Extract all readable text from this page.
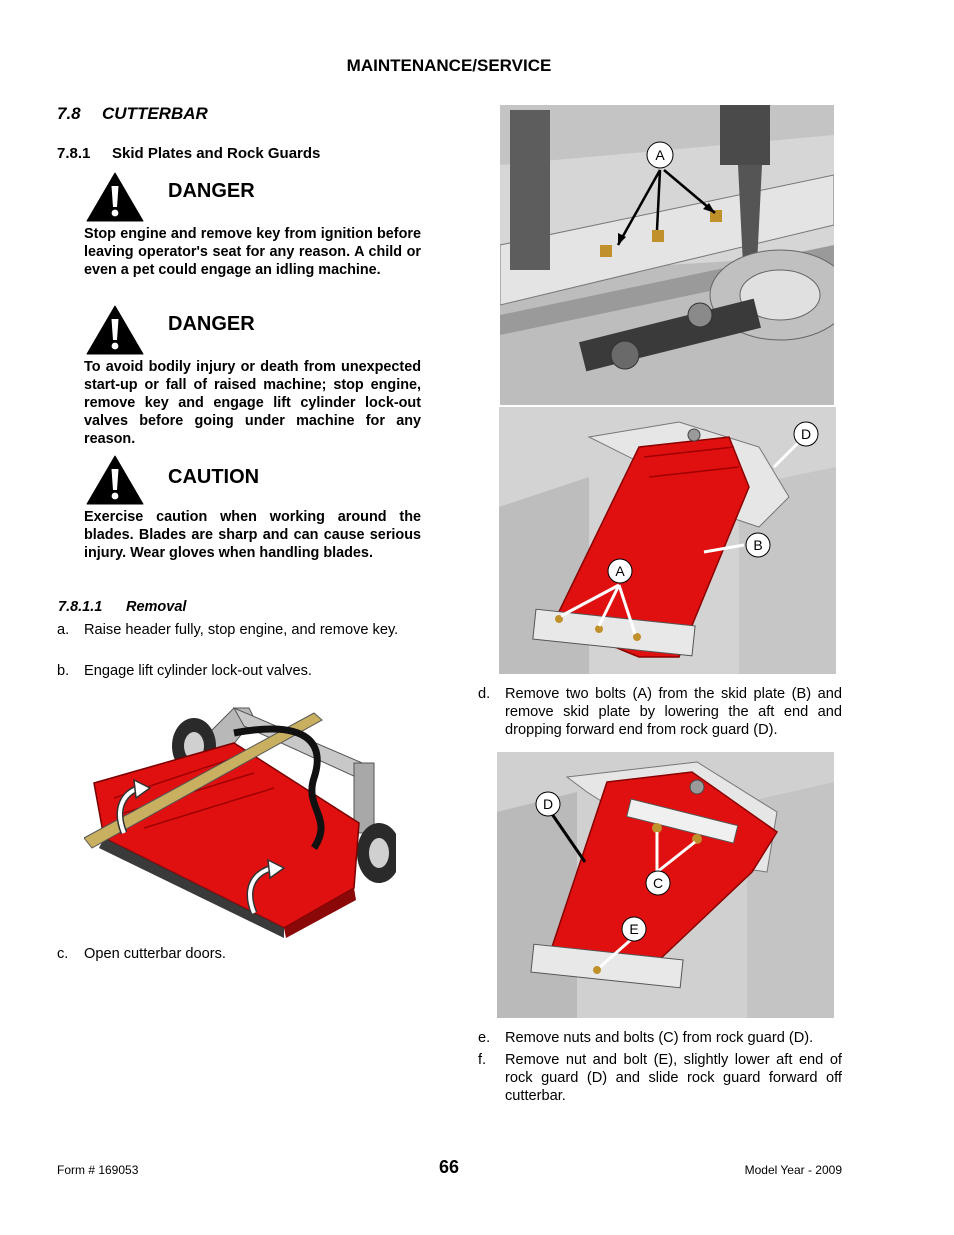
MAINTENANCE/SERVICE
7.8 CUTTERBAR
7.8.1 Skid Plates and Rock Guards
DANGER
Stop engine and remove key from ignition before leaving operator's seat for any reason. A child or even a pet could engage an idling machine.
DANGER
To avoid bodily injury or death from unexpected start-up or fall of raised machine; stop engine, remove key and engage lift cylinder lock-out valves before going under machine for any reason.
CAUTION
Exercise caution when working around the blades. Blades are sharp and can cause serious injury. Wear gloves when handling blades.
7.8.1.1 Removal
a. Raise header fully, stop engine, and remove key.
b. Engage lift cylinder lock-out valves.
c. Open cutterbar doors.
A
D
B
A
d. Remove two bolts (A) from the skid plate (B) and remove skid plate by lowering the aft end and dropping forward end from rock guard (D).
D
C
E
e. Remove nuts and bolts (C) from rock guard (D).
f. Remove nut and bolt (E), slightly lower aft end of rock guard (D) and slide rock guard forward off cutterbar.
Form # 169053	66	Model Year - 2009
